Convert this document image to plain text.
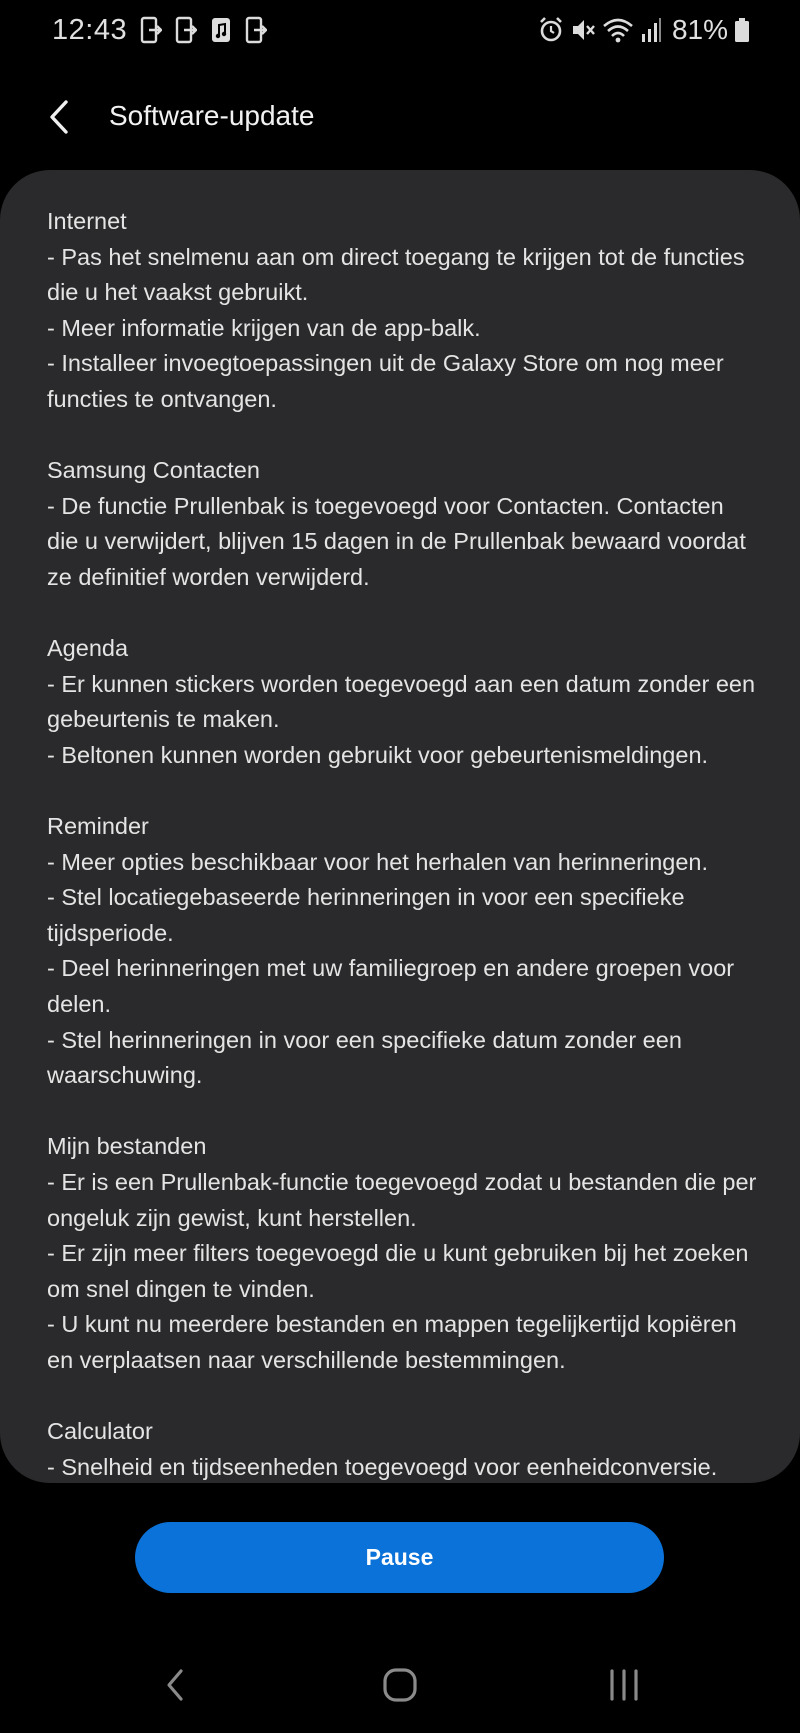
12:43	81%
Software-update
Internet
- Pas het snelmenu aan om direct toegang te krijgen tot de functies die u het vaakst gebruikt.
- Meer informatie krijgen van de app-balk.
- Installeer invoegtoepassingen uit de Galaxy Store om nog meer functies te ontvangen.
Samsung Contacten
- De functie Prullenbak is toegevoegd voor Contacten. Contacten die u verwijdert, blijven 15 dagen in de Prullenbak bewaard voordat ze definitief worden verwijderd.
Agenda
- Er kunnen stickers worden toegevoegd aan een datum zonder een gebeurtenis te maken.
- Beltonen kunnen worden gebruikt voor gebeurtenismeldingen.
Reminder
- Meer opties beschikbaar voor het herhalen van herinneringen.
- Stel locatiegebaseerde herinneringen in voor een specifieke tijdsperiode.
- Deel herinneringen met uw familiegroep en andere groepen voor delen.
- Stel herinneringen in voor een specifieke datum zonder een waarschuwing.
Mijn bestanden
- Er is een Prullenbak-functie toegevoegd zodat u bestanden die per ongeluk zijn gewist, kunt herstellen.
- Er zijn meer filters toegevoegd die u kunt gebruiken bij het zoeken om snel dingen te vinden.
- U kunt nu meerdere bestanden en mappen tegelijkertijd kopiëren en verplaatsen naar verschillende bestemmingen.
Calculator
- Snelheid en tijdseenheden toegevoegd voor eenheidconversie.
Pause
